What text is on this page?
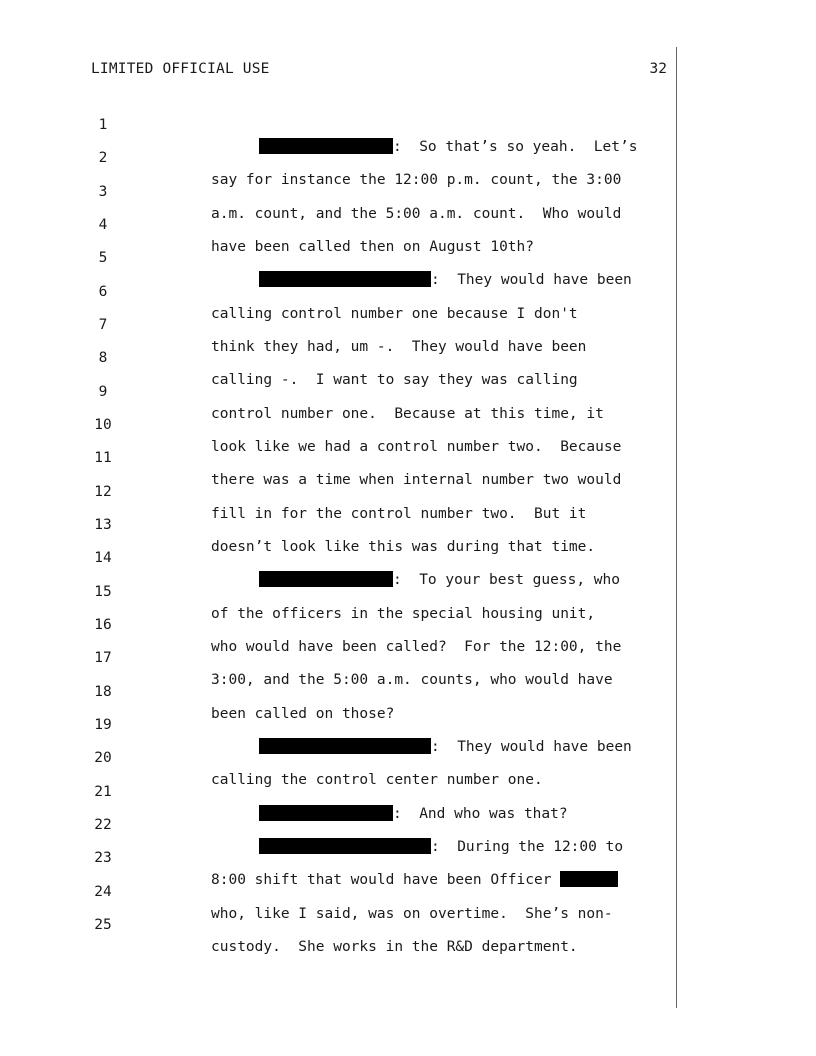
LIMITED OFFICIAL USE	32

1

:  So that’s so yeah.  Let’s

2

say for instance the 12:00 p.m. count, the 3:00

3

a.m. count, and the 5:00 a.m. count.  Who would

4

have been called then on August 10th?

5

:  They would have been

6

calling control number one because I don't

7

think they had, um -.  They would have been

8

calling -.  I want to say they was calling

9

control number one.  Because at this time, it

10

look like we had a control number two.  Because

11

there was a time when internal number two would

12

fill in for the control number two.  But it

13

doesn’t look like this was during that time.

14

:  To your best guess, who

15

of the officers in the special housing unit,

16

who would have been called?  For the 12:00, the

17

3:00, and the 5:00 a.m. counts, who would have

18

been called on those?

19

:  They would have been

20

calling the control center number one.

21

:  And who was that?

22

:  During the 12:00 to

23

8:00 shift that would have been Officer

24

who, like I said, was on overtime.  She’s non-

25

custody.  She works in the R&D department.
